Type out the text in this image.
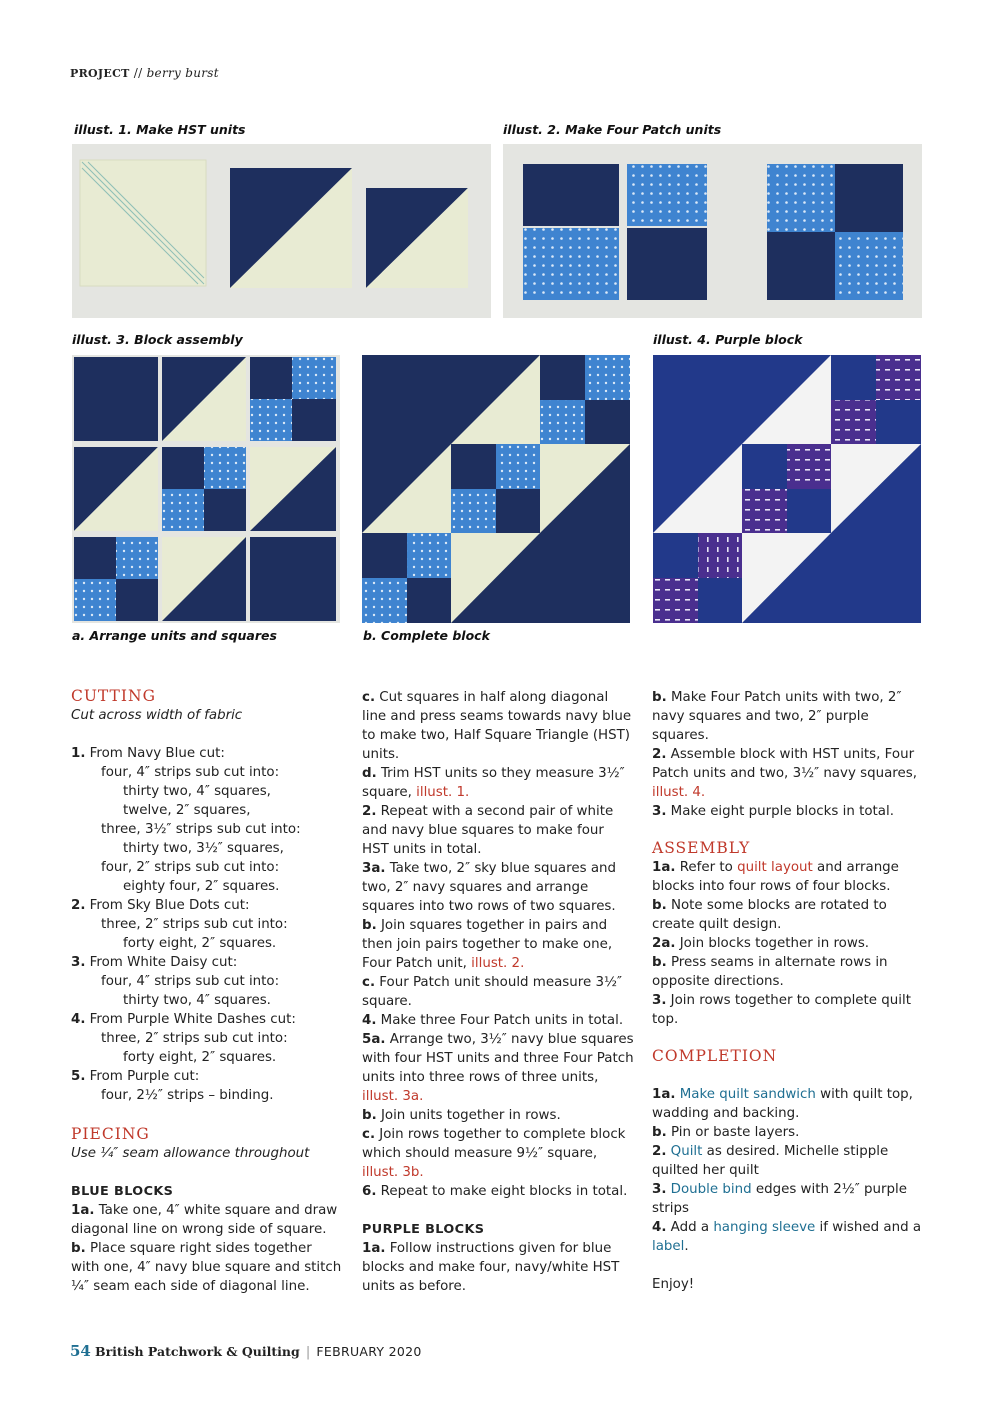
PROJECT // berry burst
illust. 1. Make HST units	illust. 2. Make Four Patch units
illust. 3. Block assembly	illust. 4. Purple block
a. Arrange units and squares	b. Complete block

CUTTING

Cut across width of fabric

1. From Navy Blue cut:

four, 4″ strips sub cut into:

thirty two, 4″ squares,

twelve, 2″ squares,

three, 3½″ strips sub cut into:

thirty two, 3½″ squares,

four, 2″ strips sub cut into:

eighty four, 2″ squares.

2. From Sky Blue Dots cut:

three, 2″ strips sub cut into:

forty eight, 2″ squares.

3. From White Daisy cut:

four, 4″ strips sub cut into:

thirty two, 4″ squares.

4. From Purple White Dashes cut:

three, 2″ strips sub cut into:

forty eight, 2″ squares.

5. From Purple cut:

four, 2½″ strips – binding.

PIECING

Use ¼″ seam allowance throughout

BLUE BLOCKS

1a. Take one, 4″ white square and draw diagonal line on wrong side of square.

b. Place square right sides together with one, 4″ navy blue square and stitch ¼″ seam each side of diagonal line.

c. Cut squares in half along diagonal line and press seams towards navy blue to make two, Half Square Triangle (HST) units.

d. Trim HST units so they measure 3½″ square, illust. 1.

2. Repeat with a second pair of white and navy blue squares to make four HST units in total.

3a. Take two, 2″ sky blue squares and two, 2″ navy squares and arrange squares into two rows of two squares.

b. Join squares together in pairs and then join pairs together to make one, Four Patch unit, illust. 2.

c. Four Patch unit should measure 3½″ square.

4. Make three Four Patch units in total.

5a. Arrange two, 3½″ navy blue squares with four HST units and three Four Patch units into three rows of three units, illust. 3a.

b. Join units together in rows.

c. Join rows together to complete block which should measure 9½″ square, illust. 3b.

6. Repeat to make eight blocks in total.

PURPLE BLOCKS

1a. Follow instructions given for blue blocks and make four, navy/white HST units as before.

b. Make Four Patch units with two, 2″ navy squares and two, 2″ purple squares.

2. Assemble block with HST units, Four Patch units and two, 3½″ navy squares, illust. 4.

3. Make eight purple blocks in total.

ASSEMBLY

1a. Refer to quilt layout and arrange blocks into four rows of four blocks.

b. Note some blocks are rotated to create quilt design.

2a. Join blocks together in rows.

b. Press seams in alternate rows in opposite directions.

3. Join rows together to complete quilt top.

COMPLETION

1a. Make quilt sandwich with quilt top, wadding and backing.

b. Pin or baste layers.

2. Quilt as desired. Michelle stipple quilted her quilt

3. Double bind edges with 2½″ purple strips

4. Add a hanging sleeve if wished and a label.

Enjoy!

54 British Patchwork & Quilting | FEBRUARY 2020
